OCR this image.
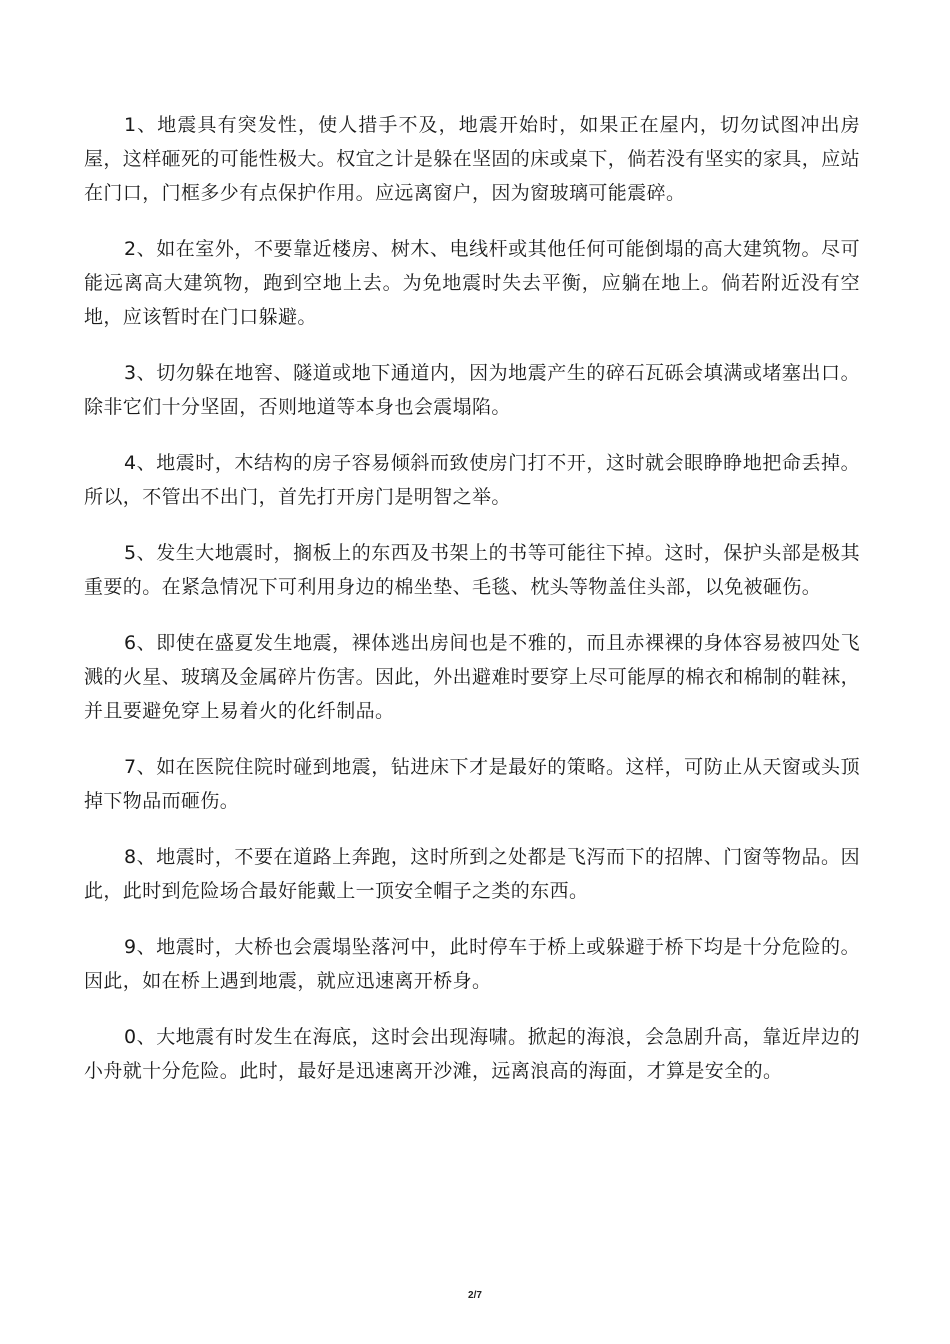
1、地震具有突发性，使人措手不及，地震开始时，如果正在屋内，切勿试图冲出房屋，这样砸死的可能性极大。权宜之计是躲在坚固的床或桌下，倘若没有坚实的家具，应站在门口，门框多少有点保护作用。应远离窗户，因为窗玻璃可能震碎。

2、如在室外，不要靠近楼房、树木、电线杆或其他任何可能倒塌的高大建筑物。尽可能远离高大建筑物，跑到空地上去。为免地震时失去平衡，应躺在地上。倘若附近没有空地，应该暂时在门口躲避。

3、切勿躲在地窖、隧道或地下通道内，因为地震产生的碎石瓦砾会填满或堵塞出口。除非它们十分坚固，否则地道等本身也会震塌陷。

4、地震时，木结构的房子容易倾斜而致使房门打不开，这时就会眼睁睁地把命丢掉。所以，不管出不出门，首先打开房门是明智之举。

5、发生大地震时，搁板上的东西及书架上的书等可能往下掉。这时，保护头部是极其重要的。在紧急情况下可利用身边的棉坐垫、毛毯、枕头等物盖住头部，以免被砸伤。

6、即使在盛夏发生地震，裸体逃出房间也是不雅的，而且赤裸裸的身体容易被四处飞溅的火星、玻璃及金属碎片伤害。因此，外出避难时要穿上尽可能厚的棉衣和棉制的鞋袜，并且要避免穿上易着火的化纤制品。

7、如在医院住院时碰到地震，钻进床下才是最好的策略。这样，可防止从天窗或头顶掉下物品而砸伤。

8、地震时，不要在道路上奔跑，这时所到之处都是飞泻而下的招牌、门窗等物品。因此，此时到危险场合最好能戴上一顶安全帽子之类的东西。

9、地震时，大桥也会震塌坠落河中，此时停车于桥上或躲避于桥下均是十分危险的。因此，如在桥上遇到地震，就应迅速离开桥身。

0、大地震有时发生在海底，这时会出现海啸。掀起的海浪，会急剧升高，靠近岸边的小舟就十分危险。此时，最好是迅速离开沙滩，远离浪高的海面，才算是安全的。

2/7
